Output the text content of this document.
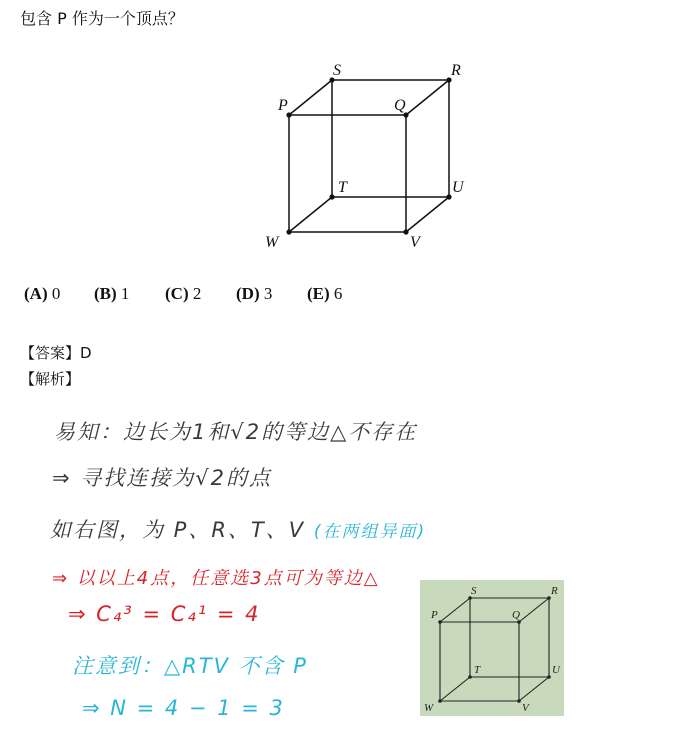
包含 P 作为一个顶点？
S	R
P	Q
T	U
W	V
(A) 0 (B) 1 (C) 2 (D) 3 (E) 6
【答案】D
【解析】
易知：边长为1和√2的等边△不存在
⇒ 寻找连接为√2的点
如右图，为 P、R、T、V (在两组异面)
⇒ 以以上4点，任意选3点可为等边△
⇒ C₄³ = C₄¹ = 4
注意到：△RTV 不含 P
⇒ N = 4 − 1 = 3
S	R
P	Q
T	U
W	V
